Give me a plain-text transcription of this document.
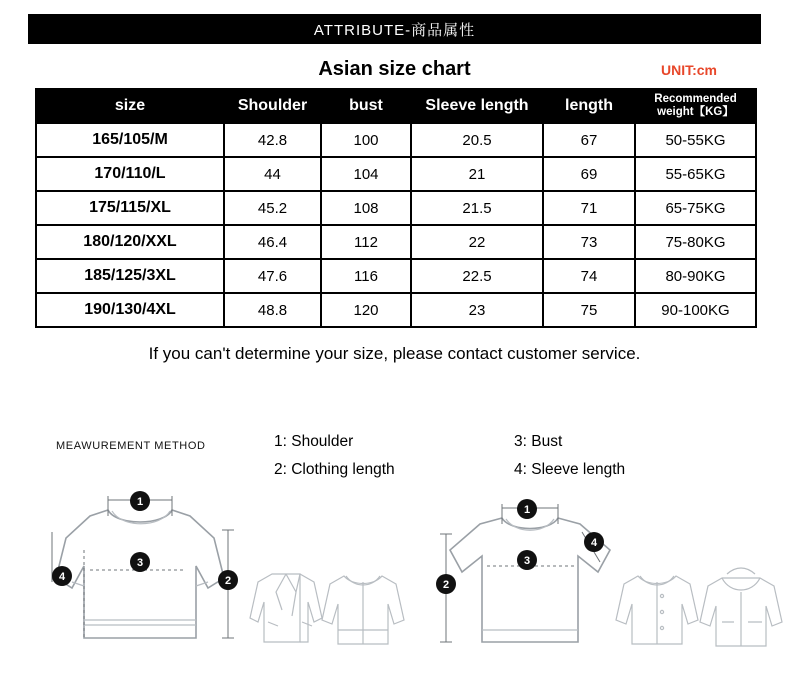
ATTRIBUTE-商品属性
Asian size chart	UNIT:cm
size	Shoulder	bust	Sleeve length	length	Recommended weight【KG】
165/105/M	42.8	100	20.5	67	50-55KG
170/110/L	44	104	21	69	55-65KG
175/115/XL	45.2	108	21.5	71	65-75KG
180/120/XXL	46.4	112	22	73	75-80KG
185/125/3XL	47.6	116	22.5	74	80-90KG
190/130/4XL	48.8	120	23	75	90-100KG
If you can't determine your size, please contact customer service.
MEAWUREMENT METHOD	1: Shoulder	3: Bust
2: Clothing length	4: Sleeve length
1
2
3
4
1
2
3
4
